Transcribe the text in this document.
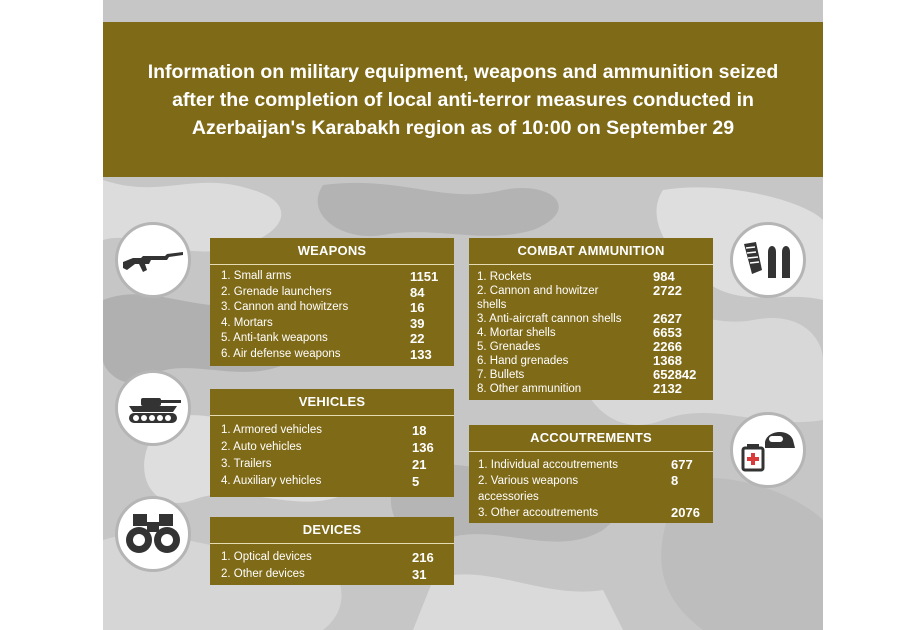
Information on military equipment, weapons and ammunition seized after the completion of local anti-terror measures conducted in Azerbaijan's Karabakh region as of 10:00 on September 29
WEAPONS
1. Small arms	1151
2. Grenade launchers	84
3. Cannon and howitzers	16
4. Mortars	39
5. Anti-tank weapons	22
6. Air defense weapons	133
VEHICLES
1. Armored vehicles	18
2. Auto vehicles	136
3. Trailers	21
4. Auxiliary vehicles	5
DEVICES
1. Optical devices	216
2. Other devices	31
COMBAT AMMUNITION
1. Rockets	984
2. Cannon and howitzer shells
2722
3. Anti-aircraft cannon shells	2627
4. Mortar shells	6653
5. Grenades	2266
6. Hand grenades	1368
7. Bullets	652842
8. Other ammunition	2132
ACCOUTREMENTS
1. Individual accoutrements	677
2. Various weapons accessories
8
3. Other accoutrements	2076
